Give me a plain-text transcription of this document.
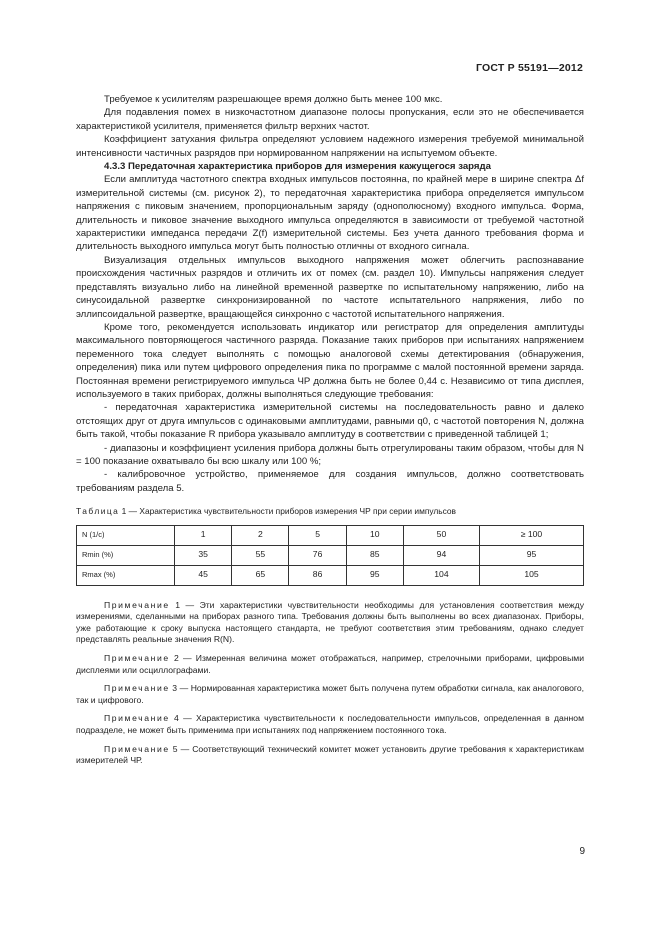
ГОСТ Р 55191—2012

Требуемое к усилителям разрешающее время должно быть менее 100 мкс.

Для подавления помех в низкочастотном диапазоне полосы пропускания, если это не обеспечивается характеристикой усилителя, применяется фильтр верхних частот.

Коэффициент затухания фильтра определяют условием надежного измерения требуемой минимальной интенсивности частичных разрядов при нормированном напряжении на испытуемом объекте.

4.3.3 Передаточная характеристика приборов для измерения кажущегося заряда

Если амплитуда частотного спектра входных импульсов постоянна, по крайней мере в ширине спектра Δf измерительной системы (см. рисунок 2), то передаточная характеристика прибора определяется импульсом напряжения с пиковым значением, пропорциональным заряду (однополюсному) входного импульса. Форма, длительность и пиковое значение выходного импульса определяются в зависимости от требуемой частотной характеристики импеданса передачи Z(f) измерительной системы. Без учета данного требования форма и длительность выходного импульса могут быть полностью отличны от входного сигнала.

Визуализация отдельных импульсов выходного напряжения может облегчить распознавание происхождения частичных разрядов и отличить их от помех (см. раздел 10). Импульсы напряжения следует представлять визуально либо на линейной временной развертке по испытательному напряжению, либо на синусоидальной развертке синхронизированной по частоте испытательного напряжения, либо по эллипсоидальной развертке, вращающейся синхронно с частотой испытательного напряжения.

Кроме того, рекомендуется использовать индикатор или регистратор для определения амплитуды максимального повторяющегося частичного разряда. Показание таких приборов при испытаниях напряжением переменного тока следует выполнять с помощью аналоговой схемы детектирования (обнаружения, определения) пика или путем цифрового определения пика по программе с малой постоянной времени заряда. Постоянная времени регистрируемого импульса ЧР должна быть не более 0,44 с. Независимо от типа дисплея, используемого в таких приборах, должны выполняться следующие требования:

- передаточная характеристика измерительной системы на последовательность равно и далеко отстоящих друг от друга импульсов с одинаковыми амплитудами, равными q0, с частотой повторения N, должна быть такой, чтобы показание R прибора указывало амплитуду в соответствии с приведенной таблицей 1;

- диапазоны и коэффициент усиления прибора должны быть отрегулированы таким образом, чтобы для N = 100 показание охватывало бы всю шкалу или 100 %;

- калибровочное устройство, применяемое для создания импульсов, должно соответствовать требованиям раздела 5.

Таблица 1 — Характеристика чувствительности приборов измерения ЧР при серии импульсов
N (1/c)	1	2	5	10	50	≥ 100
Rmin (%)	35	55	76	85	94	95
Rmax (%)	45	65	86	95	104	105

Примечание 1 — Эти характеристики чувствительности необходимы для установления соответствия между измерениями, сделанными на приборах разного типа. Требования должны быть выполнены во всех диапазонах. Приборы, уже работающие к сроку выпуска настоящего стандарта, не требуют соответствия этим требованиям, однако следует представлять реальные значения R(N).

Примечание 2 — Измеренная величина может отображаться, например, стрелочными приборами, цифровыми дисплеями или осциллографами.

Примечание 3 — Нормированная характеристика может быть получена путем обработки сигнала, как аналогового, так и цифрового.

Примечание 4 — Характеристика чувствительности к последовательности импульсов, определенная в данном подразделе, не может быть применима при испытаниях под напряжением постоянного тока.

Примечание 5 — Соответствующий технический комитет может установить другие требования к характеристикам измерителей ЧР.

9
